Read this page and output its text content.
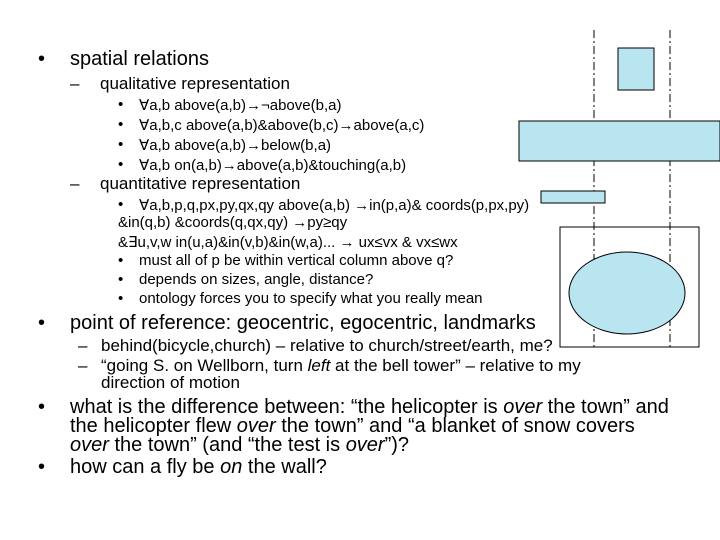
• spatial relations
– qualitative representation
• ∀a,b above(a,b)→¬above(b,a)
• ∀a,b,c above(a,b)&above(b,c)→above(a,c)
• ∀a,b above(a,b)→below(b,a)
• ∀a,b on(a,b)→above(a,b)&touching(a,b)
– quantitative representation
• ∀a,b,p,q,px,py,qx,qy above(a,b) →in(p,a)& coords(p,px,py)
&in(q,b) &coords(q,qx,qy) →py≥qy
&∃u,v,w in(u,a)&in(v,b)&in(w,a)... → ux≤vx & vx≤wx
• must all of p be within vertical column above q?
• depends on sizes, angle, distance?
• ontology forces you to specify what you really mean
• point of reference: geocentric, egocentric, landmarks
– behind(bicycle,church) – relative to church/street/earth, me?
– “going S. on Wellborn, turn left at the bell tower” – relative to my
direction of motion
• what is the difference between: “the helicopter is over the town” and
the helicopter flew over the town” and “a blanket of snow covers
over the town” (and “the test is over”)?
• how can a fly be on the wall?
